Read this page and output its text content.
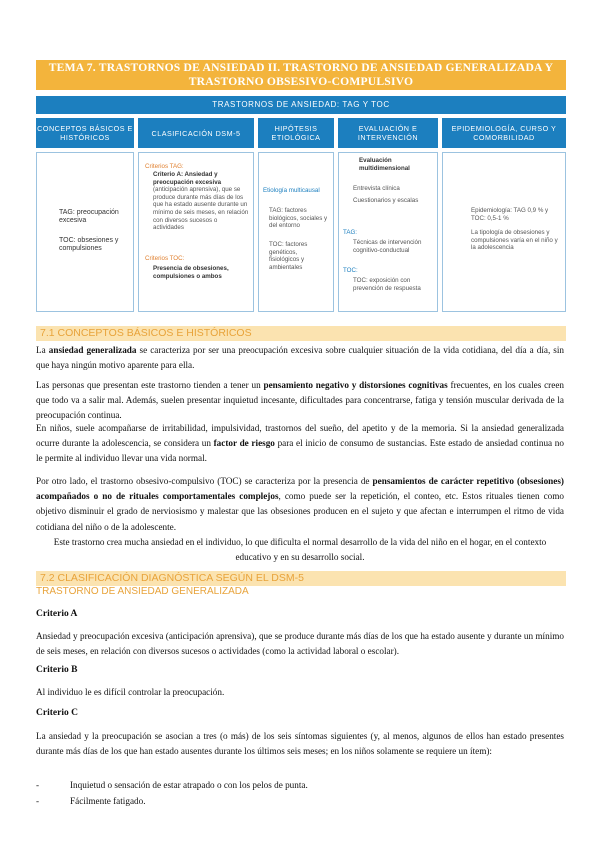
TEMA 7. TRASTORNOS DE ANSIEDAD II. TRASTORNO DE ANSIEDAD GENERALIZADA Y TRASTORNO OBSESIVO-COMPULSIVO
TRASTORNOS DE ANSIEDAD: TAG Y TOC
CONCEPTOS BÁSICOS E HISTÓRICOS	CLASIFICACIÓN DSM-5	HIPÓTESIS ETIOLÓGICA
EVALUACIÓN E INTERVENCIÓN
EPIDEMIOLOGÍA, CURSO Y COMORBILIDAD
TAG: preocupación excesiva
TOC: obsesiones y compulsiones
Criterios TAG:
Criterio A: Ansiedad y preocupación excesiva (anticipación aprensiva), que se produce durante más días de los que ha estado ausente durante un mínimo de seis meses, en relación con diversos sucesos o actividades
Criterios TOC:
Presencia de obsesiones, compulsiones o ambos
Etiología multicausal
TAG: factores biológicos, sociales y del entorno
TOC: factores genéticos, fisiológicos y ambientales
Evaluación multidimensional
Entrevista clínica
Cuestionarios y escalas
TAG:
Técnicas de intervención cognitivo-conductual
TOC:
TOC: exposición con prevención de respuesta
Epidemiología: TAG 0,9 % y TOC: 0,5-1 %
La tipología de obsesiones y compulsiones varía en el niño y la adolescencia
7.1 CONCEPTOS BÁSICOS E HISTÓRICOS
La ansiedad generalizada se caracteriza por ser una preocupación excesiva sobre cualquier situación de la vida cotidiana, del día a día, sin que haya ningún motivo aparente para ella.
Las personas que presentan este trastorno tienden a tener un pensamiento negativo y distorsiones cognitivas frecuentes, en los cuales creen que todo va a salir mal. Además, suelen presentar inquietud incesante, dificultades para concentrarse, fatiga y tensión muscular derivada de la preocupación continua.
En niños, suele acompañarse de irritabilidad, impulsividad, trastornos del sueño, del apetito y de la memoria. Si la ansiedad generalizada ocurre durante la adolescencia, se considera un factor de riesgo para el inicio de consumo de sustancias. Este estado de ansiedad continua no le permite al individuo llevar una vida normal.
Por otro lado, el trastorno obsesivo-compulsivo (TOC) se caracteriza por la presencia de pensamientos de carácter repetitivo (obsesiones) acompañados o no de rituales comportamentales complejos, como puede ser la repetición, el conteo, etc. Estos rituales tienen como objetivo disminuir el grado de nerviosismo y malestar que las obsesiones producen en el sujeto y que afectan e interrumpen el ritmo de vida cotidiana del niño o de la adolescente.
Este trastorno crea mucha ansiedad en el individuo, lo que dificulta el normal desarrollo de la vida del niño en el hogar, en el contexto educativo y en su desarrollo social.
7.2 CLASIFICACIÓN DIAGNÓSTICA SEGÚN EL DSM-5
TRASTORNO DE ANSIEDAD GENERALIZADA
Criterio A
Ansiedad y preocupación excesiva (anticipación aprensiva), que se produce durante más días de los que ha estado ausente y durante un mínimo de seis meses, en relación con diversos sucesos o actividades (como la actividad laboral o escolar).
Criterio B
Al individuo le es difícil controlar la preocupación.
Criterio C
La ansiedad y la preocupación se asocian a tres (o más) de los seis síntomas siguientes (y, al menos, algunos de ellos han estado presentes durante más días de los que han estado ausentes durante los últimos seis meses; en los niños solamente se requiere un ítem):
- Inquietud o sensación de estar atrapado o con los pelos de punta.
- Fácilmente fatigado.
